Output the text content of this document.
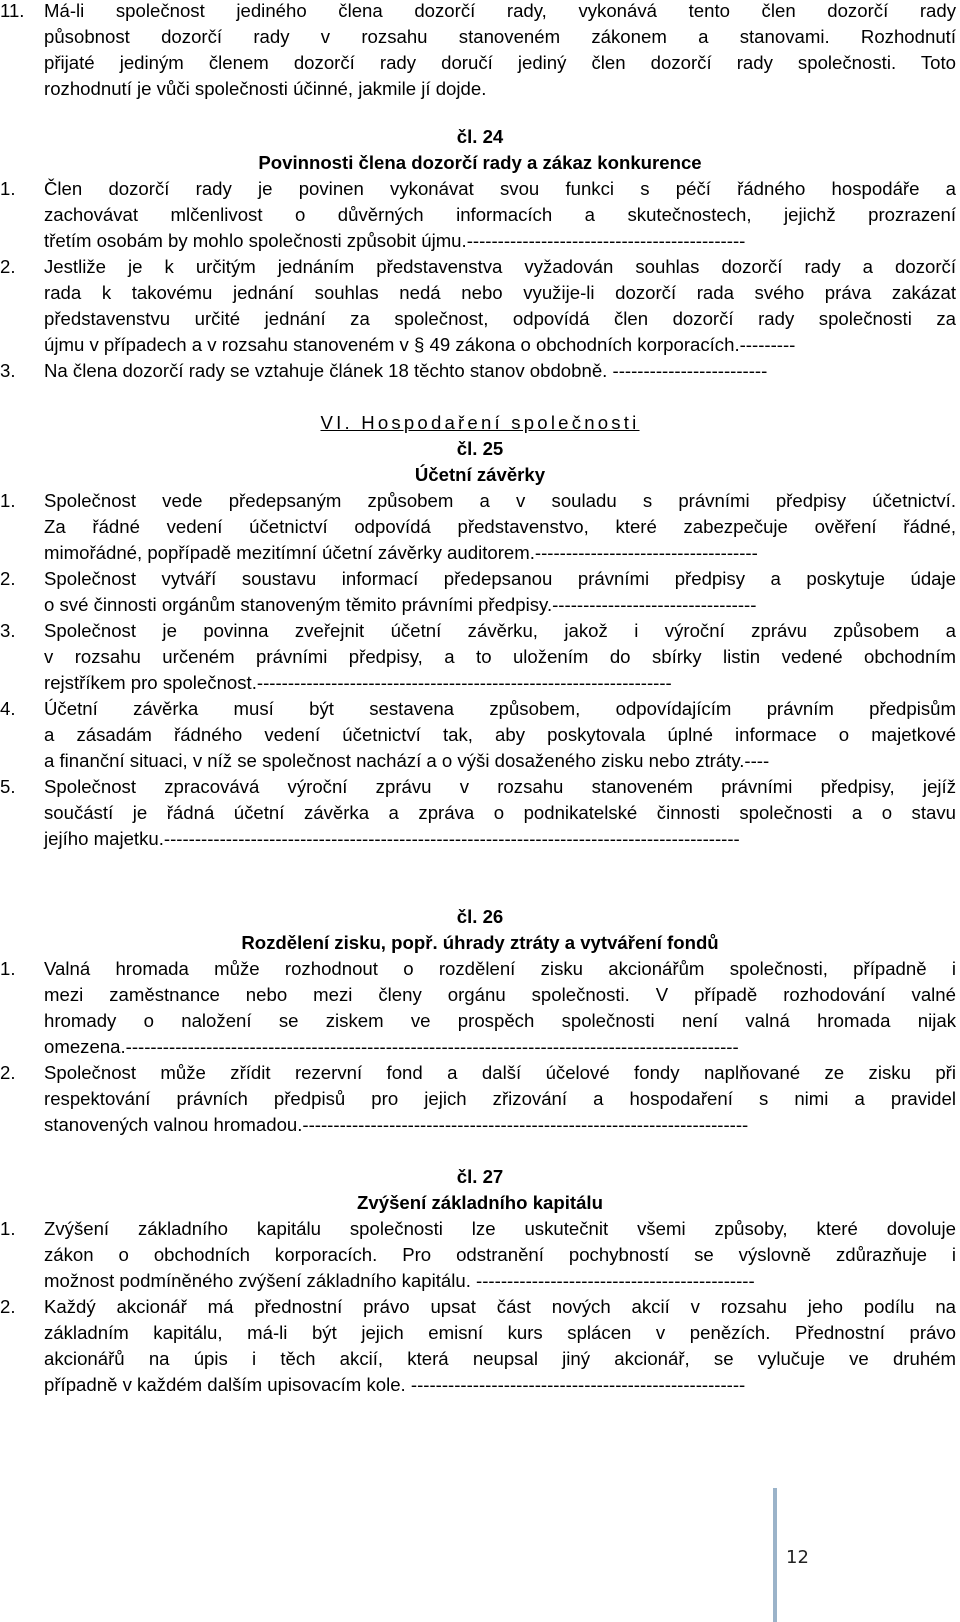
11.	Má-li společnost jediného člena dozorčí rady, vykonává tento člen dozorčí rady
působnost dozorčí rady v rozsahu stanoveném zákonem a stanovami. Rozhodnutí
přijaté jediným členem dozorčí rady doručí jediný člen dozorčí rady společnosti. Toto
rozhodnutí je vůči společnosti účinné, jakmile jí dojde.
čl. 24
Povinnosti člena dozorčí rady a zákaz konkurence
1.	Člen dozorčí rady je povinen vykonávat svou funkci s péčí řádného hospodáře a
zachovávat mlčenlivost o důvěrných informacích a skutečnostech, jejichž prozrazení
třetím osobám by mohlo společnosti způsobit újmu.---------------------------------------------
2.	Jestliže je k určitým jednáním představenstva vyžadován souhlas dozorčí rady a dozorčí
rada k takovému jednání souhlas nedá nebo využije-li dozorčí rada svého práva zakázat
představenstvu určité jednání za společnost, odpovídá člen dozorčí rady společnosti za
újmu v případech a v rozsahu stanoveném v § 49 zákona o obchodních korporacích.---------
3.	Na člena dozorčí rady se vztahuje článek 18 těchto stanov obdobně. -------------------------
VI. Hospodaření společnosti
čl. 25
Účetní závěrky
1.	Společnost vede předepsaným způsobem a v souladu s právními předpisy účetnictví.
Za řádné vedení účetnictví odpovídá představenstvo, které zabezpečuje ověření řádné,
mimořádné, popřípadě mezitímní účetní závěrky auditorem.------------------------------------
2.	Společnost vytváří soustavu informací předepsanou právními předpisy a poskytuje údaje
o své činnosti orgánům stanoveným těmito právními předpisy.---------------------------------
3.	Společnost je povinna zveřejnit účetní závěrku, jakož i výroční zprávu způsobem a
v rozsahu určeném právními předpisy, a to uložením do sbírky listin vedené obchodním
rejstříkem pro společnost.-------------------------------------------------------------------
4.	Účetní závěrka musí být sestavena způsobem, odpovídajícím právním předpisům
a zásadám řádného vedení účetnictví tak, aby poskytovala úplné informace o majetkové
a finanční situaci, v níž se společnost nachází a o výši dosaženého zisku nebo ztráty.----
5.	Společnost zpracovává výroční zprávu v rozsahu stanoveném právními předpisy, jejíž
součástí je řádná účetní závěrka a zpráva o podnikatelské činnosti společnosti a o stavu
jejího majetku.---------------------------------------------------------------------------------------------
čl. 26
Rozdělení zisku, popř. úhrady ztráty a vytváření fondů
1.	Valná hromada může rozhodnout o rozdělení zisku akcionářům společnosti, případně i
mezi zaměstnance nebo mezi členy orgánu společnosti. V případě rozhodování valné
hromady o naložení se ziskem ve prospěch společnosti není valná hromada nijak
omezena.---------------------------------------------------------------------------------------------------
2.	Společnost může zřídit rezervní fond a další účelové fondy naplňované ze zisku při
respektování právních předpisů pro jejich zřizování a hospodaření s nimi a pravidel
stanovených valnou hromadou.------------------------------------------------------------------------
čl. 27
Zvýšení základního kapitálu
1.	Zvýšení základního kapitálu společnosti lze uskutečnit všemi způsoby, které dovoluje
zákon o obchodních korporacích. Pro odstranění pochybností se výslovně zdůrazňuje i
možnost podmíněného zvýšení základního kapitálu. ---------------------------------------------
2.	Každý akcionář má přednostní právo upsat část nových akcií v rozsahu jeho podílu na
základním kapitálu, má-li být jejich emisní kurs splácen v penězích. Přednostní právo
akcionářů na úpis i těch akcií, která neupsal jiný akcionář, se vylučuje ve druhém
případně v každém dalším upisovacím kole. ------------------------------------------------------
12
